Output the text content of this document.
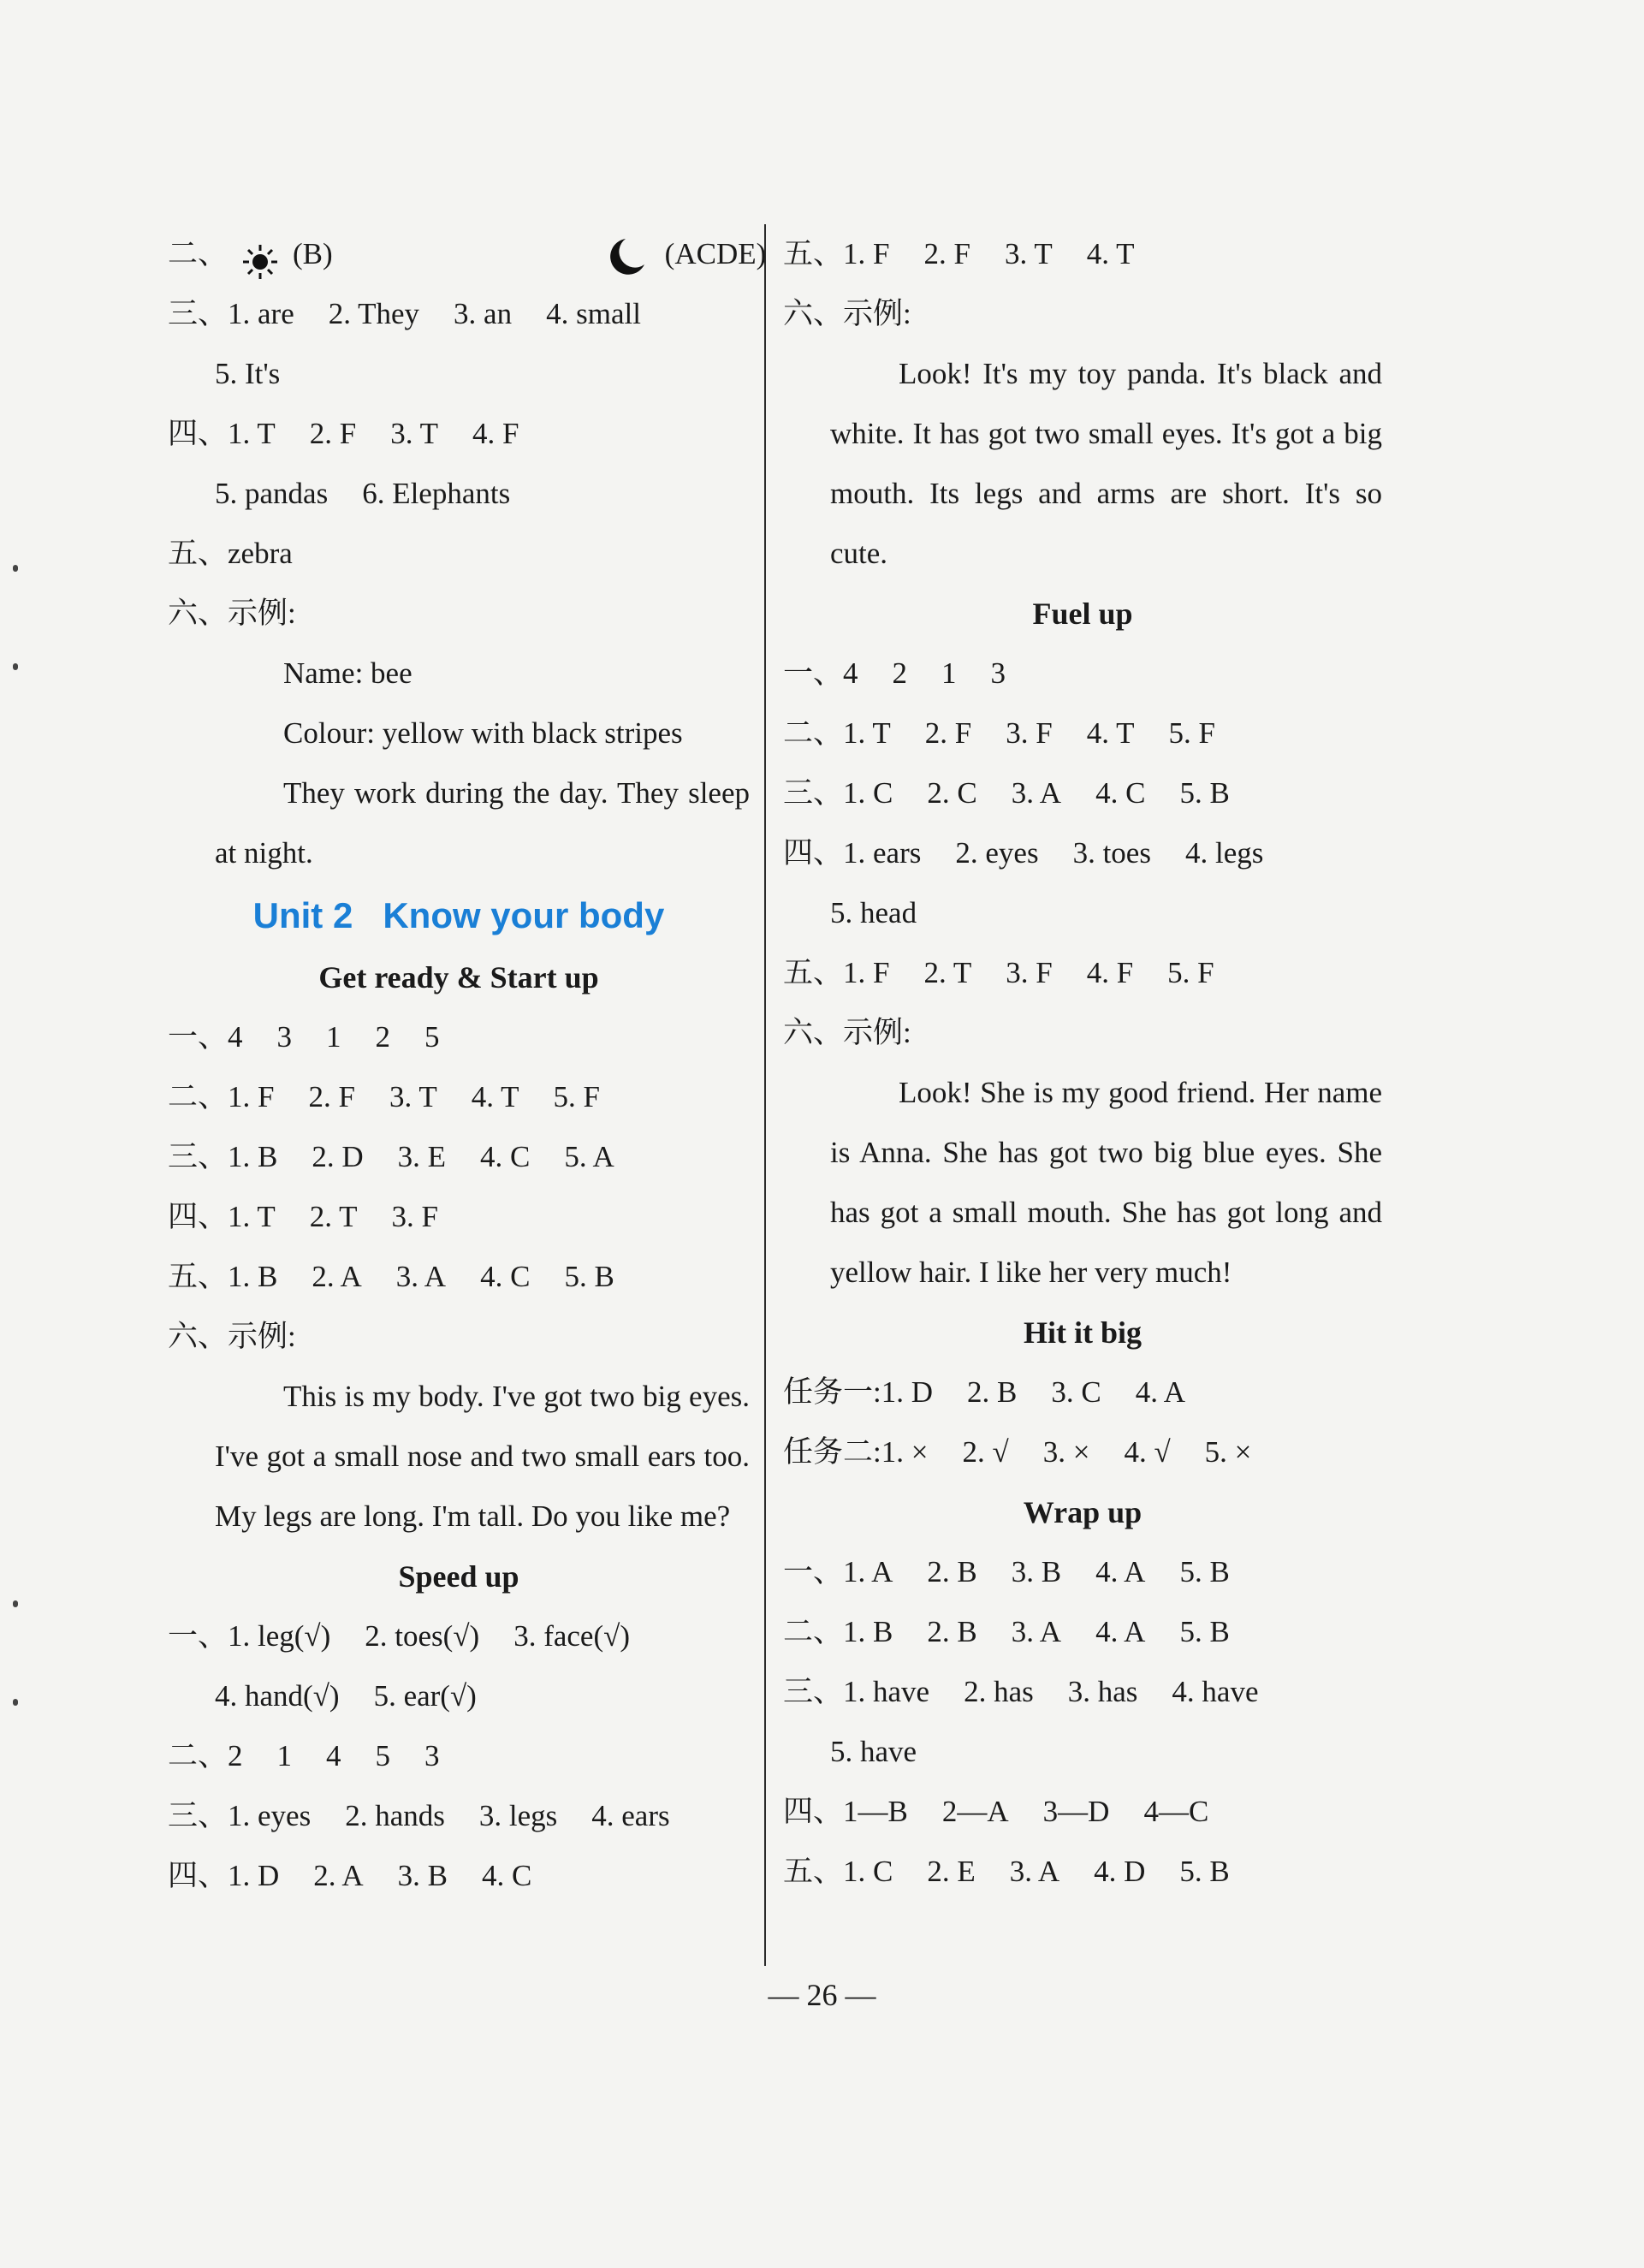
二、 (B)	(ACDE)
三、1. are 2. They 3. an 4. small
5. It's
四、1. T 2. F 3. T 4. F
5. pandas 6. Elephants
五、zebra
六、示例:
Name: bee
Colour: yellow with black stripes
They work during the day. They sleep at night.
Unit 2   Know your body
Get ready & Start up
一、4 3 1 2 5
二、1. F 2. F 3. T 4. T 5. F
三、1. B 2. D 3. E 4. C 5. A
四、1. T 2. T 3. F
五、1. B 2. A 3. A 4. C 5. B
六、示例:
This is my body. I've got two big eyes. I've got a small nose and two small ears too. My legs are long. I'm tall. Do you like me?
Speed up
一、1. leg(√) 2. toes(√) 3. face(√)
4. hand(√) 5. ear(√)
二、2 1 4 5 3
三、1. eyes 2. hands 3. legs 4. ears
四、1. D 2. A 3. B 4. C
五、1. F 2. F 3. T 4. T
六、示例:
Look! It's my toy panda. It's black and white. It has got two small eyes. It's got a big mouth. Its legs and arms are short. It's so cute.
Fuel up
一、4 2 1 3
二、1. T 2. F 3. F 4. T 5. F
三、1. C 2. C 3. A 4. C 5. B
四、1. ears 2. eyes 3. toes 4. legs
5. head
五、1. F 2. T 3. F 4. F 5. F
六、示例:
Look! She is my good friend. Her name is Anna. She has got two big blue eyes. She has got a small mouth. She has got long and yellow hair. I like her very much!
Hit it big
任务一:1. D 2. B 3. C 4. A
任务二:1. × 2. √ 3. × 4. √ 5. ×
Wrap up
一、1. A 2. B 3. B 4. A 5. B
二、1. B 2. B 3. A 4. A 5. B
三、1. have 2. has 3. has 4. have
5. have
四、1—B 2—A 3—D 4—C
五、1. C 2. E 3. A 4. D 5. B
— 26 —
